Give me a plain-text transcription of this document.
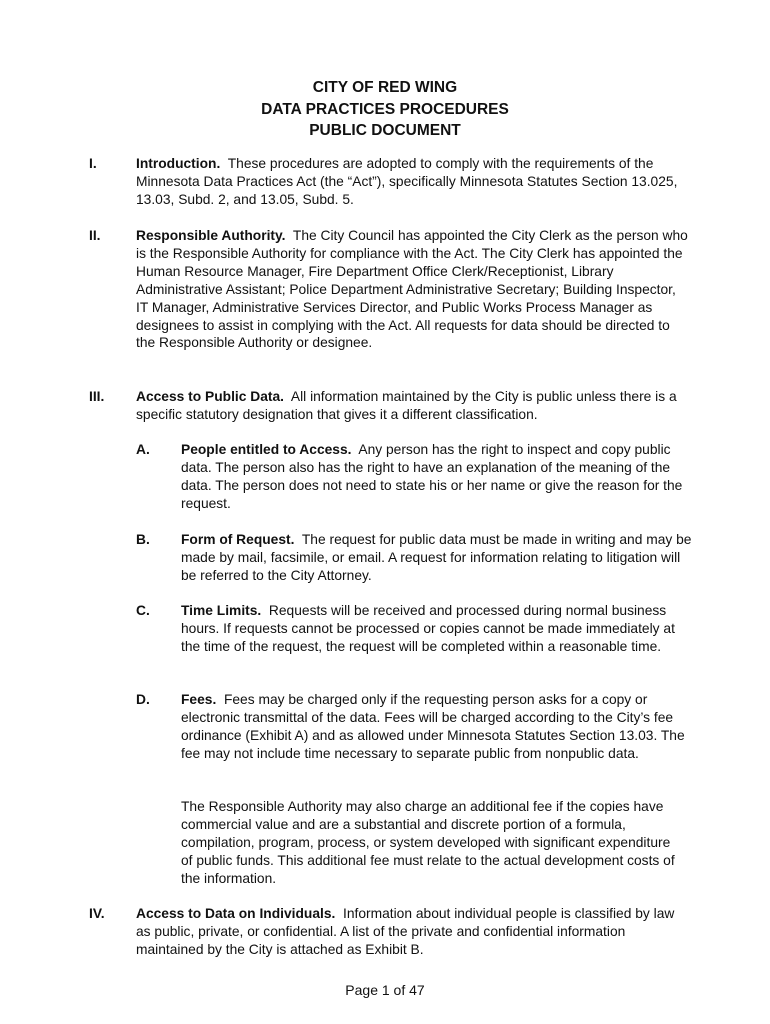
CITY OF RED WING
DATA PRACTICES PROCEDURES
PUBLIC DOCUMENT
I.	Introduction. These procedures are adopted to comply with the requirements of the Minnesota Data Practices Act (the “Act”), specifically Minnesota Statutes Section 13.025, 13.03, Subd. 2, and 13.05, Subd. 5.
II.	Responsible Authority. The City Council has appointed the City Clerk as the person who is the Responsible Authority for compliance with the Act. The City Clerk has appointed the Human Resource Manager, Fire Department Office Clerk/Receptionist, Library Administrative Assistant; Police Department Administrative Secretary; Building Inspector, IT Manager, Administrative Services Director, and Public Works Process Manager as designees to assist in complying with the Act. All requests for data should be directed to the Responsible Authority or designee.
III. Access to Public Data. All information maintained by the City is public unless there is a specific statutory designation that gives it a different classification.
A. People entitled to Access. Any person has the right to inspect and copy public data. The person also has the right to have an explanation of the meaning of the data. The person does not need to state his or her name or give the reason for the request.
B. Form of Request. The request for public data must be made in writing and may be made by mail, facsimile, or email. A request for information relating to litigation will be referred to the City Attorney.
C. Time Limits. Requests will be received and processed during normal business hours. If requests cannot be processed or copies cannot be made immediately at the time of the request, the request will be completed within a reasonable time.
D. Fees. Fees may be charged only if the requesting person asks for a copy or electronic transmittal of the data. Fees will be charged according to the City’s fee ordinance (Exhibit A) and as allowed under Minnesota Statutes Section 13.03. The fee may not include time necessary to separate public from nonpublic data.
The Responsible Authority may also charge an additional fee if the copies have commercial value and are a substantial and discrete portion of a formula, compilation, program, process, or system developed with significant expenditure of public funds. This additional fee must relate to the actual development costs of the information.
IV. Access to Data on Individuals. Information about individual people is classified by law as public, private, or confidential. A list of the private and confidential information maintained by the City is attached as Exhibit B.
Page 1 of 47
